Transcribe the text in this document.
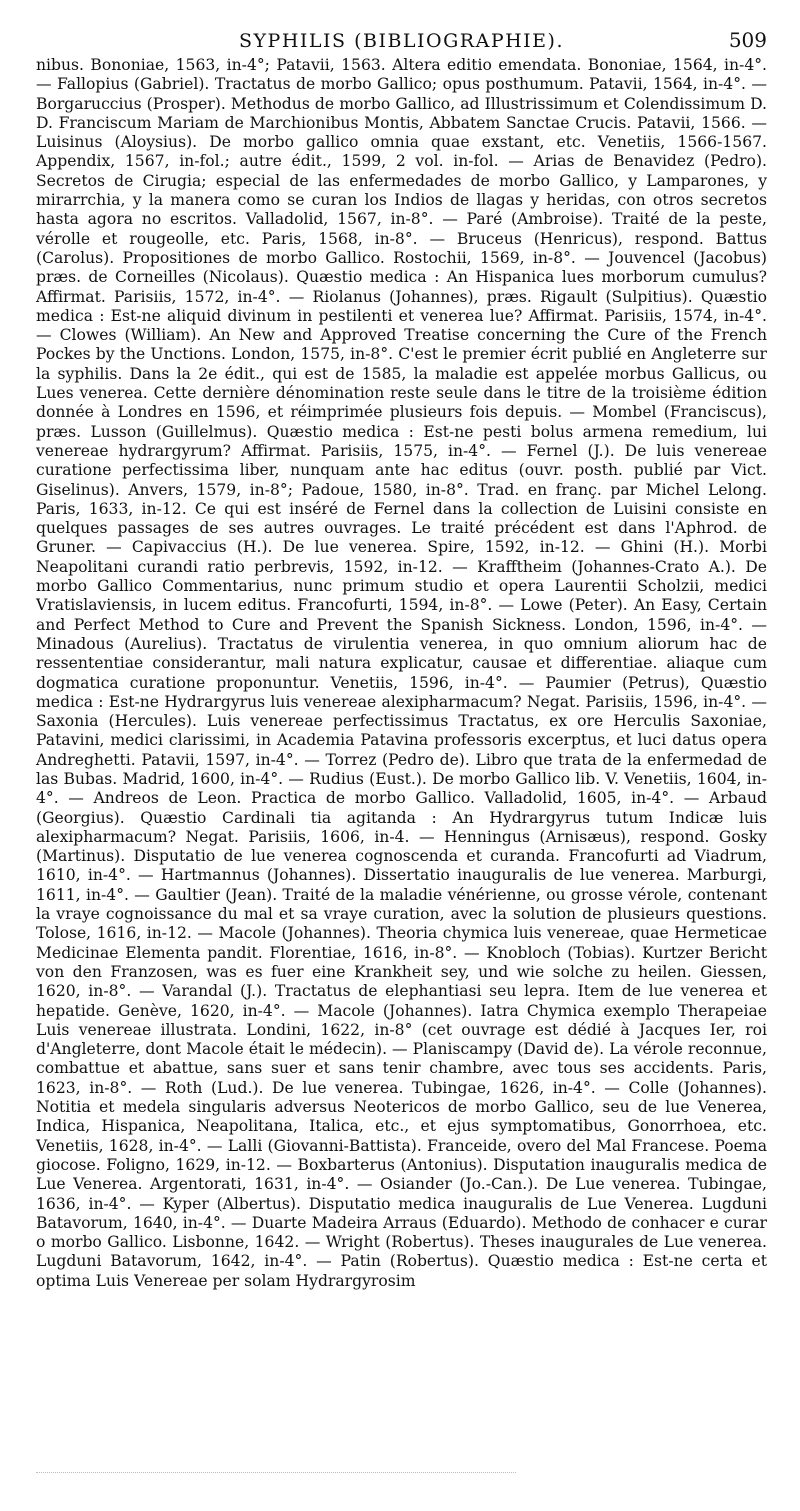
SYPHILIS (BIBLIOGRAPHIE).	509

nibus. Bononiae, 1563, in-4°; Patavii, 1563. Altera editio emendata. Bononiae, 1564, in-4°. — Fallopius (Gabriel). Tractatus de morbo Gallico; opus posthumum. Patavii, 1564, in-4°. — Borgaruccius (Prosper). Methodus de morbo Gallico, ad Illustrissimum et Colendissimum D. D. Franciscum Mariam de Marchionibus Montis, Abbatem Sanctae Crucis. Patavii, 1566. — Luisinus (Aloysius). De morbo gallico omnia quae exstant, etc. Venetiis, 1566-1567. Appendix, 1567, in-fol.; autre édit., 1599, 2 vol. in-fol. — Arias de Benavidez (Pedro). Secretos de Cirugia; especial de las enfermedades de morbo Gallico, y Lamparones, y mirarrchia, y la manera como se curan los Indios de llagas y heridas, con otros secretos hasta agora no escritos. Valladolid, 1567, in-8°. — Paré (Ambroise). Traité de la peste, vérolle et rougeolle, etc. Paris, 1568, in-8°. — Bruceus (Henricus), respond. Battus (Carolus). Propositiones de morbo Gallico. Rostochii, 1569, in-8°. — Jouvencel (Jacobus) præs. de Corneilles (Nicolaus). Quæstio medica : An Hispanica lues morborum cumulus? Affirmat. Parisiis, 1572, in-4°. — Riolanus (Johannes), præs. Rigault (Sulpitius). Quæstio medica : Est-ne aliquid divinum in pestilenti et venerea lue? Affirmat. Parisiis, 1574, in-4°. — Clowes (William). An New and Approved Treatise concerning the Cure of the French Pockes by the Unctions. London, 1575, in-8°. C'est le premier écrit publié en Angleterre sur la syphilis. Dans la 2e édit., qui est de 1585, la maladie est appelée morbus Gallicus, ou Lues venerea. Cette dernière dénomination reste seule dans le titre de la troisième édition donnée à Londres en 1596, et réimprimée plusieurs fois depuis. — Mombel (Franciscus), præs. Lusson (Guillelmus). Quæstio medica : Est-ne pesti bolus armena remedium, lui venereae hydrargyrum? Affirmat. Parisiis, 1575, in-4°. — Fernel (J.). De luis venereae curatione perfectissima liber, nunquam ante hac editus (ouvr. posth. publié par Vict. Giselinus). Anvers, 1579, in-8°; Padoue, 1580, in-8°. Trad. en franç. par Michel Lelong. Paris, 1633, in-12. Ce qui est inséré de Fernel dans la collection de Luisini consiste en quelques passages de ses autres ouvrages. Le traité précédent est dans l'Aphrod. de Gruner. — Capivaccius (H.). De lue venerea. Spire, 1592, in-12. — Ghini (H.). Morbi Neapolitani curandi ratio perbrevis, 1592, in-12. — Krafftheim (Johannes-Crato A.). De morbo Gallico Commentarius, nunc primum studio et opera Laurentii Scholzii, medici Vratislaviensis, in lucem editus. Francofurti, 1594, in-8°. — Lowe (Peter). An Easy, Certain and Perfect Method to Cure and Prevent the Spanish Sickness. London, 1596, in-4°. — Minadous (Aurelius). Tractatus de virulentia venerea, in quo omnium aliorum hac de ressententiae considerantur, mali natura explicatur, causae et differentiae. aliaque cum dogmatica curatione proponuntur. Venetiis, 1596, in-4°. — Paumier (Petrus), Quæstio medica : Est-ne Hydrargyrus luis venereae alexipharmacum? Negat. Parisiis, 1596, in-4°. — Saxonia (Hercules). Luis venereae perfectissimus Tractatus, ex ore Herculis Saxoniae, Patavini, medici clarissimi, in Academia Patavina professoris excerptus, et luci datus opera Andreghetti. Patavii, 1597, in-4°. — Torrez (Pedro de). Libro que trata de la enfermedad de las Bubas. Madrid, 1600, in-4°. — Rudius (Eust.). De morbo Gallico lib. V. Venetiis, 1604, in-4°. — Andreos de Leon. Practica de morbo Gallico. Valladolid, 1605, in-4°. — Arbaud (Georgius). Quæstio Cardinali tia agitanda : An Hydrargyrus tutum Indicæ luis alexipharmacum? Negat. Parisiis, 1606, in-4. — Henningus (Arnisæus), respond. Gosky (Martinus). Disputatio de lue venerea cognoscenda et curanda. Francofurti ad Viadrum, 1610, in-4°. — Hartmannus (Johannes). Dissertatio inauguralis de lue venerea. Marburgi, 1611, in-4°. — Gaultier (Jean). Traité de la maladie vénérienne, ou grosse vérole, contenant la vraye cognoissance du mal et sa vraye curation, avec la solution de plusieurs questions. Tolose, 1616, in-12. — Macole (Johannes). Theoria chymica luis venereae, quae Hermeticae Medicinae Elementa pandit. Florentiae, 1616, in-8°. — Knobloch (Tobias). Kurtzer Bericht von den Franzosen, was es fuer eine Krankheit sey, und wie solche zu heilen. Giessen, 1620, in-8°. — Varandal (J.). Tractatus de elephantiasi seu lepra. Item de lue venerea et hepatide. Genève, 1620, in-4°. — Macole (Johannes). Iatra Chymica exemplo Therapeiae Luis venereae illustrata. Londini, 1622, in-8° (cet ouvrage est dédié à Jacques Ier, roi d'Angleterre, dont Macole était le médecin). — Planiscampy (David de). La vérole reconnue, combattue et abattue, sans suer et sans tenir chambre, avec tous ses accidents. Paris, 1623, in-8°. — Roth (Lud.). De lue venerea. Tubingae, 1626, in-4°. — Colle (Johannes). Notitia et medela singularis adversus Neotericos de morbo Gallico, seu de lue Venerea, Indica, Hispanica, Neapolitana, Italica, etc., et ejus symptomatibus, Gonorrhoea, etc. Venetiis, 1628, in-4°. — Lalli (Giovanni-Battista). Franceide, overo del Mal Francese. Poema giocose. Foligno, 1629, in-12. — Boxbarterus (Antonius). Disputation inauguralis medica de Lue Venerea. Argentorati, 1631, in-4°. — Osiander (Jo.-Can.). De Lue venerea. Tubingae, 1636, in-4°. — Kyper (Albertus). Disputatio medica inauguralis de Lue Venerea. Lugduni Batavorum, 1640, in-4°. — Duarte Madeira Arraus (Eduardo). Methodo de conhacer e curar o morbo Gallico. Lisbonne, 1642. — Wright (Robertus). Theses inaugurales de Lue venerea. Lugduni Batavorum, 1642, in-4°. — Patin (Robertus). Quæstio medica : Est-ne certa et optima Luis Venereae per solam Hydrargyrosim
